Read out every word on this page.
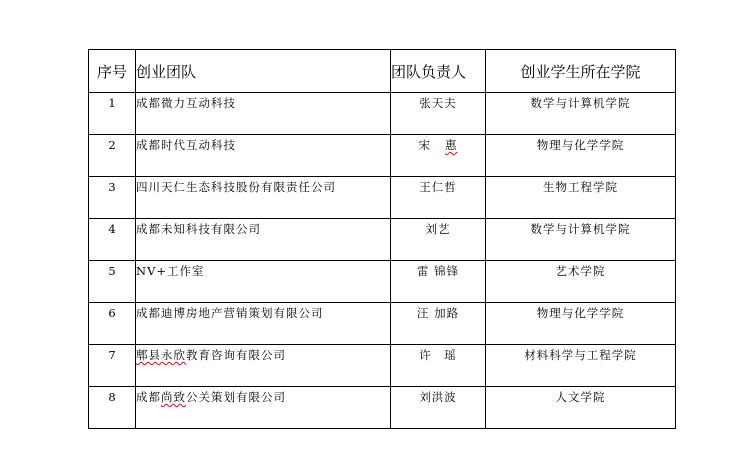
序号	创业团队	团队负责人	创业学生所在学院
1	成都微力互动科技	张天夫	数学与计算机学院
2	成都时代互动科技	宋 惠	物理与化学学院
3	四川天仁生态科技股份有限责任公司	王仁哲	生物工程学院
4	成都未知科技有限公司	刘艺	数学与计算机学院
5	NV+工作室	雷 锦锋	艺术学院
6	成都迪博房地产营销策划有限公司	汪 加路	物理与化学学院
7	郫县永欣教育咨询有限公司	许　瑶	材料科学与工程学院
8	成都尚致公关策划有限公司	刘洪波	人文学院
